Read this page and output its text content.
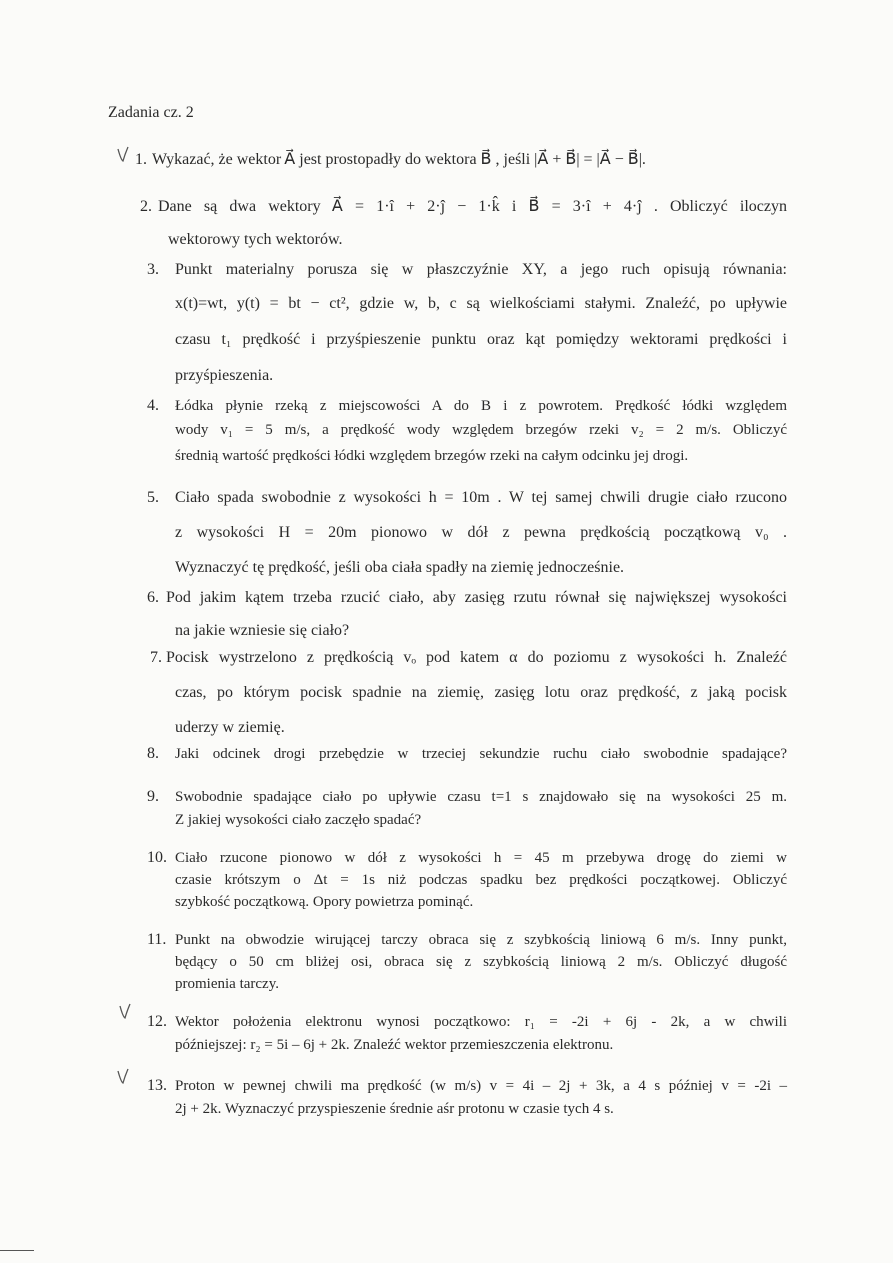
Zadania cz. 2
1. Wykazać, że wektor A⃗ jest prostopadły do wektora B⃗ , jeśli |A⃗ + B⃗| = |A⃗ − B⃗|.
2. Dane są dwa wektory A⃗ = 1·î + 2·ĵ − 1·k̂ i B⃗ = 3·î + 4·ĵ . Obliczyć iloczyn
wektorowy tych wektorów.
3. Punkt materialny porusza się w płaszczyźnie XY, a jego ruch opisują równania:
x(t)=wt, y(t) = bt − ct², gdzie w, b, c są wielkościami stałymi. Znaleźć, po upływie
czasu t₁ prędkość i przyśpieszenie punktu oraz kąt pomiędzy wektorami prędkości i
przyśpieszenia.
4. Łódka płynie rzeką z miejscowości A do B i z powrotem. Prędkość łódki względem
wody v₁ = 5 m/s, a prędkość wody względem brzegów rzeki v₂ = 2 m/s. Obliczyć
średnią wartość prędkości łódki względem brzegów rzeki na całym odcinku jej drogi.
5. Ciało spada swobodnie z wysokości h = 10m . W tej samej chwili drugie ciało rzucono
z wysokości H = 20m pionowo w dół z pewna prędkością początkową v₀ .
Wyznaczyć tę prędkość, jeśli oba ciała spadły na ziemię jednocześnie.
6. Pod jakim kątem trzeba rzucić ciało, aby zasięg rzutu równał się największej wysokości
na jakie wzniesie się ciało?
7. Pocisk wystrzelono z prędkością vₒ pod katem α do poziomu z wysokości h. Znaleźć
czas, po którym pocisk spadnie na ziemię, zasięg lotu oraz prędkość, z jaką pocisk
uderzy w ziemię.
8. Jaki odcinek drogi przebędzie w trzeciej sekundzie ruchu ciało swobodnie spadające?
9. Swobodnie spadające ciało po upływie czasu t=1 s znajdowało się na wysokości 25 m.
Z jakiej wysokości ciało zaczęło spadać?
10. Ciało rzucone pionowo w dół z wysokości h = 45 m przebywa drogę do ziemi w
czasie krótszym o Δt = 1s niż podczas spadku bez prędkości początkowej. Obliczyć
szybkość początkową. Opory powietrza pominąć.
11. Punkt na obwodzie wirującej tarczy obraca się z szybkością liniową 6 m/s. Inny punkt,
będący o 50 cm bliżej osi, obraca się z szybkością liniową 2 m/s. Obliczyć długość
promienia tarczy.
12. Wektor położenia elektronu wynosi początkowo: r₁ = -2i + 6j - 2k, a w chwili
późniejszej: r₂ = 5i – 6j + 2k. Znaleźć wektor przemieszczenia elektronu.
13. Proton w pewnej chwili ma prędkość (w m/s) v = 4i – 2j + 3k, a 4 s później v = -2i –
2j + 2k. Wyznaczyć przyspieszenie średnie aśr protonu w czasie tych 4 s.
